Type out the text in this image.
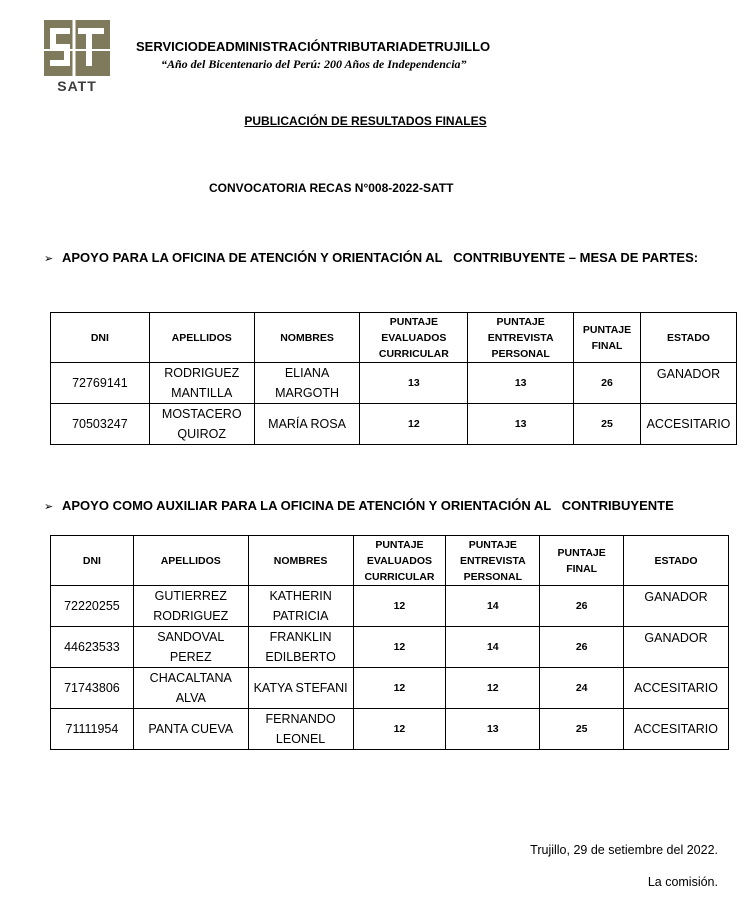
SATT
SERVICIODEADMINISTRACIÓNTRIBUTARIADETRUJILLO
“Año del Bicentenario del Perú: 200 Años de Independencia”
PUBLICACIÓN DE RESULTADOS FINALES
CONVOCATORIA RECAS N°008-2022-SATT
➢ APOYO PARA LA OFICINA DE ATENCIÓN Y ORIENTACIÓN AL   CONTRIBUYENTE – MESA DE PARTES:
DNI	APELLIDOS	NOMBRES	PUNTAJE EVALUADOS CURRICULAR	PUNTAJE ENTREVISTA PERSONAL	PUNTAJE FINAL	ESTADO
72769141	RODRIGUEZ MANTILLA	ELIANA MARGOTH	13	13	26	GANADOR
70503247	MOSTACERO QUIROZ	MARÍA ROSA	12	13	25	ACCESITARIO
➢ APOYO COMO AUXILIAR PARA LA OFICINA DE ATENCIÓN Y ORIENTACIÓN AL   CONTRIBUYENTE
DNI	APELLIDOS	NOMBRES	PUNTAJE EVALUADOS CURRICULAR	PUNTAJE ENTREVISTA PERSONAL	PUNTAJE FINAL	ESTADO
72220255	GUTIERREZ RODRIGUEZ	KATHERIN PATRICIA	12	14	26	GANADOR
44623533	SANDOVAL PEREZ	FRANKLIN EDILBERTO	12	14	26	GANADOR
71743806	CHACALTANA ALVA	KATYA STEFANI	12	12	24	ACCESITARIO
71111954	PANTA CUEVA	FERNANDO LEONEL	12	13	25	ACCESITARIO
Trujillo, 29 de setiembre del 2022.
La comisión.
